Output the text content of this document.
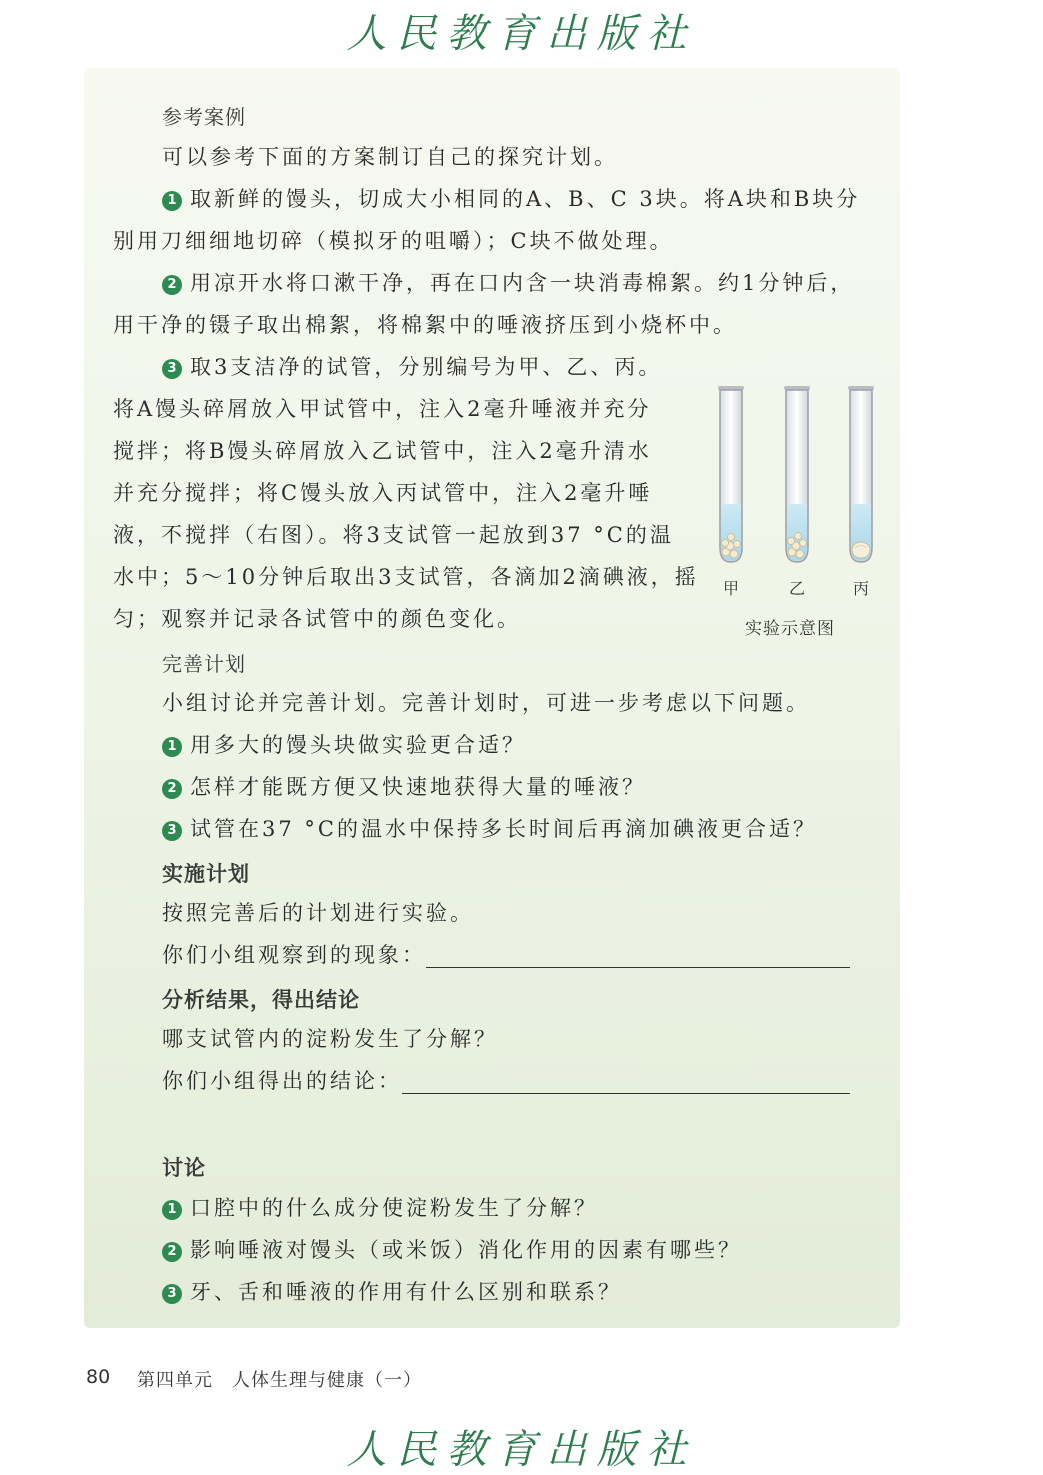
人民教育出版社
参考案例
可以参考下面的方案制订自己的探究计划。
1 取新鲜的馒头，切成大小相同的A、B、C 3块。将A块和B块分
别用刀细细地切碎（模拟牙的咀嚼）；C块不做处理。
2 用凉开水将口漱干净，再在口内含一块消毒棉絮。约1分钟后，
用干净的镊子取出棉絮，将棉絮中的唾液挤压到小烧杯中。
3 取3支洁净的试管，分别编号为甲、乙、丙。
将A馒头碎屑放入甲试管中，注入2毫升唾液并充分
搅拌；将B馒头碎屑放入乙试管中，注入2毫升清水
并充分搅拌；将C馒头放入丙试管中，注入2毫升唾
液，不搅拌（右图）。将3支试管一起放到37 °C的温
水中；5～10分钟后取出3支试管，各滴加2滴碘液，摇
匀；观察并记录各试管中的颜色变化。
甲	乙	丙
实验示意图
完善计划
小组讨论并完善计划。完善计划时，可进一步考虑以下问题。
1 用多大的馒头块做实验更合适？
2 怎样才能既方便又快速地获得大量的唾液？
3 试管在37 °C的温水中保持多长时间后再滴加碘液更合适？
实施计划
按照完善后的计划进行实验。
你们小组观察到的现象：
分析结果，得出结论
哪支试管内的淀粉发生了分解？
你们小组得出的结论：
讨论
1 口腔中的什么成分使淀粉发生了分解？
2 影响唾液对馒头（或米饭）消化作用的因素有哪些？
3 牙、舌和唾液的作用有什么区别和联系？
80 第四单元　人体生理与健康（一）
人民教育出版社
